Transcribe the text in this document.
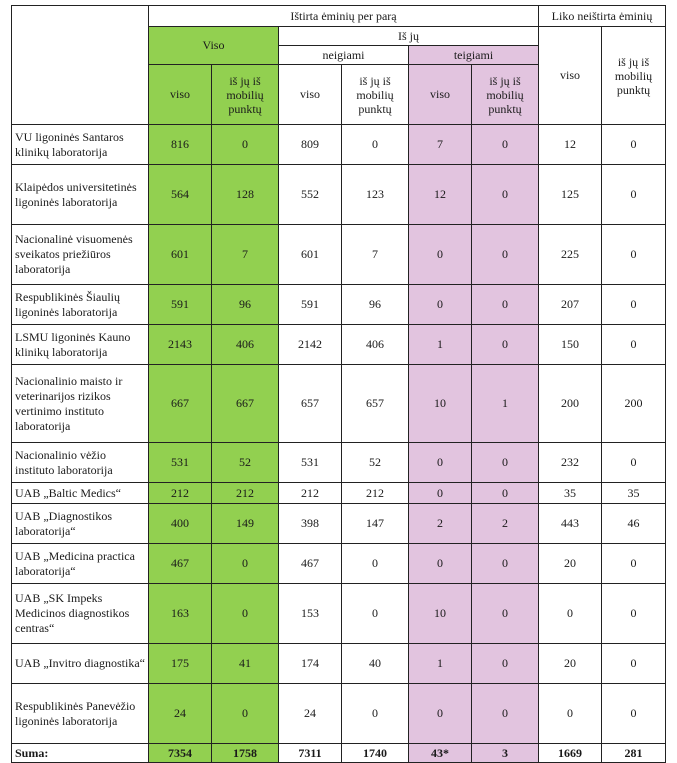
	Ištirta ėminių per parą						Liko neištirta ėminių	
	Viso		Iš jų				viso	iš jų iš mobilių punktų
			neigiami		teigiami			
	viso	iš jų iš mobilių punktų	viso	iš jų iš mobilių punktų	viso	iš jų iš mobilių punktų		
VU ligoninės Santaros klinikų laboratorija	816	0	809	0	7	0	12	0
Klaipėdos universitetinės ligoninės laboratorija	564	128	552	123	12	0	125	0
Nacionalinė visuomenės sveikatos priežiūros laboratorija	601	7	601	7	0	0	225	0
Respublikinės Šiaulių ligoninės laboratorija	591	96	591	96	0	0	207	0
LSMU ligoninės Kauno klinikų laboratorija	2143	406	2142	406	1	0	150	0
Nacionalinio maisto ir veterinarijos rizikos vertinimo instituto laboratorija	667	667	657	657	10	1	200	200
Nacionalinio vėžio instituto laboratorija	531	52	531	52	0	0	232	0
UAB „Baltic Medics“	212	212	212	212	0	0	35	35
UAB „Diagnostikos laboratorija“	400	149	398	147	2	2	443	46
UAB „Medicina practica laboratorija“	467	0	467	0	0	0	20	0
UAB „SK Impeks Medicinos diagnostikos centras“	163	0	153	0	10	0	0	0
UAB „Invitro diagnostika“	175	41	174	40	1	0	20	0
Respublikinės Panevėžio ligoninės laboratorija	24	0	24	0	0	0	0	0
Suma:	7354	1758	7311	1740	43*	3	1669	281
